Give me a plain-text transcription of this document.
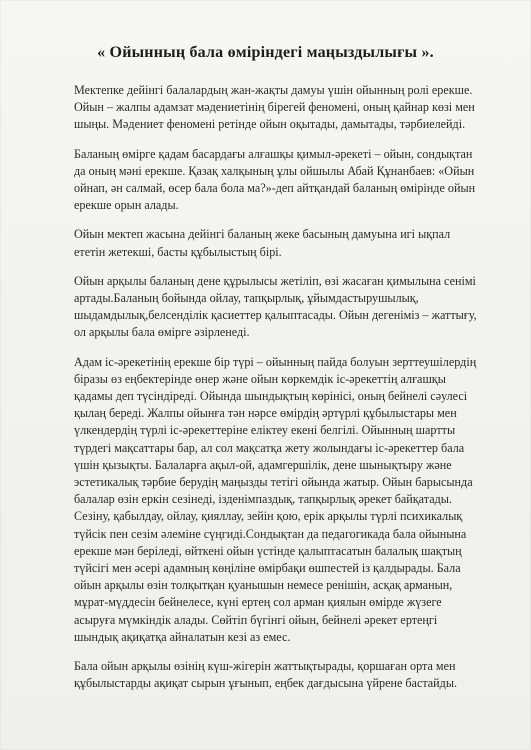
« Ойынның бала өміріндегі маңыздылығы ».
Мектепке дейінгі балалардың жан-жақты дамуы үшін ойынның ролі ерекше.
Ойын – жалпы адамзат мәдениетінің бірегей феномені, оның қайнар көзі мен
шыңы. Мәдениет феномені ретінде ойын оқытады, дамытады, тәрбиелейді.
Баланың өмірге қадам басардағы алғашқы қимыл-әрекеті – ойын, сондықтан
да оның мәні ерекше. Қазақ халқының ұлы ойшылы Абай Құнанбаев: «Ойын
ойнап, ән салмай, өсер бала бола ма?»-деп айтқандай баланың өмірінде ойын
ерекше орын алады.
Ойын мектеп жасына дейінгі баланың жеке басының дамуына игі ықпал
ететін жетекші, басты құбылыстың бірі.
Ойын арқылы баланың дене құрылысы жетіліп, өзі жасаған қимылына сенімі
артады.Баланың бойында ойлау, тапқырлық, ұйымдастырушылық,
шыдамдылық,белсенділік қасиеттер қалыптасады. Ойын дегеніміз – жаттығу,
ол арқылы бала өмірге әзірленеді.
Адам іс-әрекетінің ерекше бір түрі – ойынның пайда болуын зерттеушілердің
біразы өз еңбектерінде өнер және ойын көркемдік іс-әрекеттің алғашқы
қадамы деп түсіндіреді. Ойында шындықтың көрінісі, оның бейнелі сәулесі
қылаң береді. Жалпы ойынға тән нәрсе өмірдің әртүрлі құбылыстары мен
үлкендердің түрлі іс-әрекеттеріне еліктеу екені белгілі. Ойынның шартты
түрдегі мақсаттары бар, ал сол мақсатқа жету жолындағы іс-әрекеттер бала
үшін қызықты. Балаларға ақыл-ой, адамгершілік, дене шынықтыру және
эстетикалық тәрбие берудің маңызды тетігі ойында жатыр. Ойын барысында
балалар өзін еркін сезінеді, ізденімпаздық, тапқырлық әрекет байқатады.
Сезіну, қабылдау, ойлау, қияллау, зейін қою, ерік арқылы түрлі психикалық
түйсік пен сезім әлеміне сүңгиді.Сондықтан да педагогикада бала ойынына
ерекше мән беріледі, өйткені ойын үстінде қалыптасатын балалық шақтың
түйсігі мен әсері адамның көңіліне өмірбақи өшпестей із қалдырады. Бала
ойын арқылы өзін толқытқан қуанышын немесе ренішін, асқақ арманын,
мұрат-мүддесін бейнелесе, күні ертең сол арман қиялын өмірде жүзеге
асыруға мүмкіндік алады. Сөйтіп бүгінгі ойын, бейнелі әрекет ертеңгі
шындық ақиқатқа айналатын кезі аз емес.
Бала ойын арқылы өзінің күш-жігерін жаттықтырады, қоршаған орта мен
құбылыстарды ақиқат сырын ұғынып, еңбек дағдысына үйрене бастайды.
